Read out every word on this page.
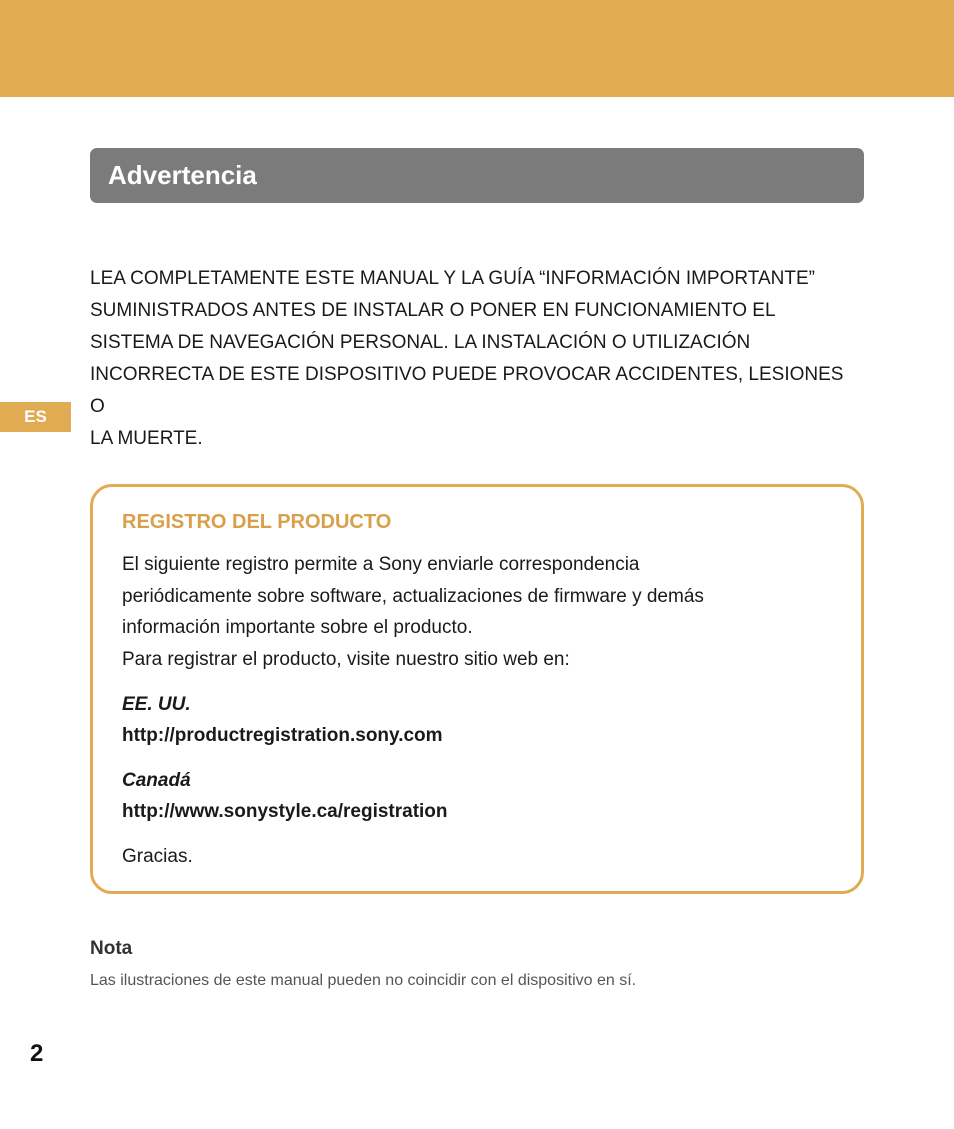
Advertencia
ES

LEA COMPLETAMENTE ESTE MANUAL Y LA GUÍA “INFORMACIÓN IMPORTANTE”
SUMINISTRADOS ANTES DE INSTALAR O PONER EN FUNCIONAMIENTO EL
SISTEMA DE NAVEGACIÓN PERSONAL. LA INSTALACIÓN O UTILIZACIÓN
INCORRECTA DE ESTE DISPOSITIVO PUEDE PROVOCAR ACCIDENTES, LESIONES O
LA MUERTE.

REGISTRO DEL PRODUCTO

El siguiente registro permite a Sony enviarle correspondencia
periódicamente sobre software, actualizaciones de firmware y demás
información importante sobre el producto.
Para registrar el producto, visite nuestro sitio web en:

EE. UU.

http://productregistration.sony.com

Canadá

http://www.sonystyle.ca/registration

Gracias.

Nota

Las ilustraciones de este manual pueden no coincidir con el dispositivo en sí.

2
